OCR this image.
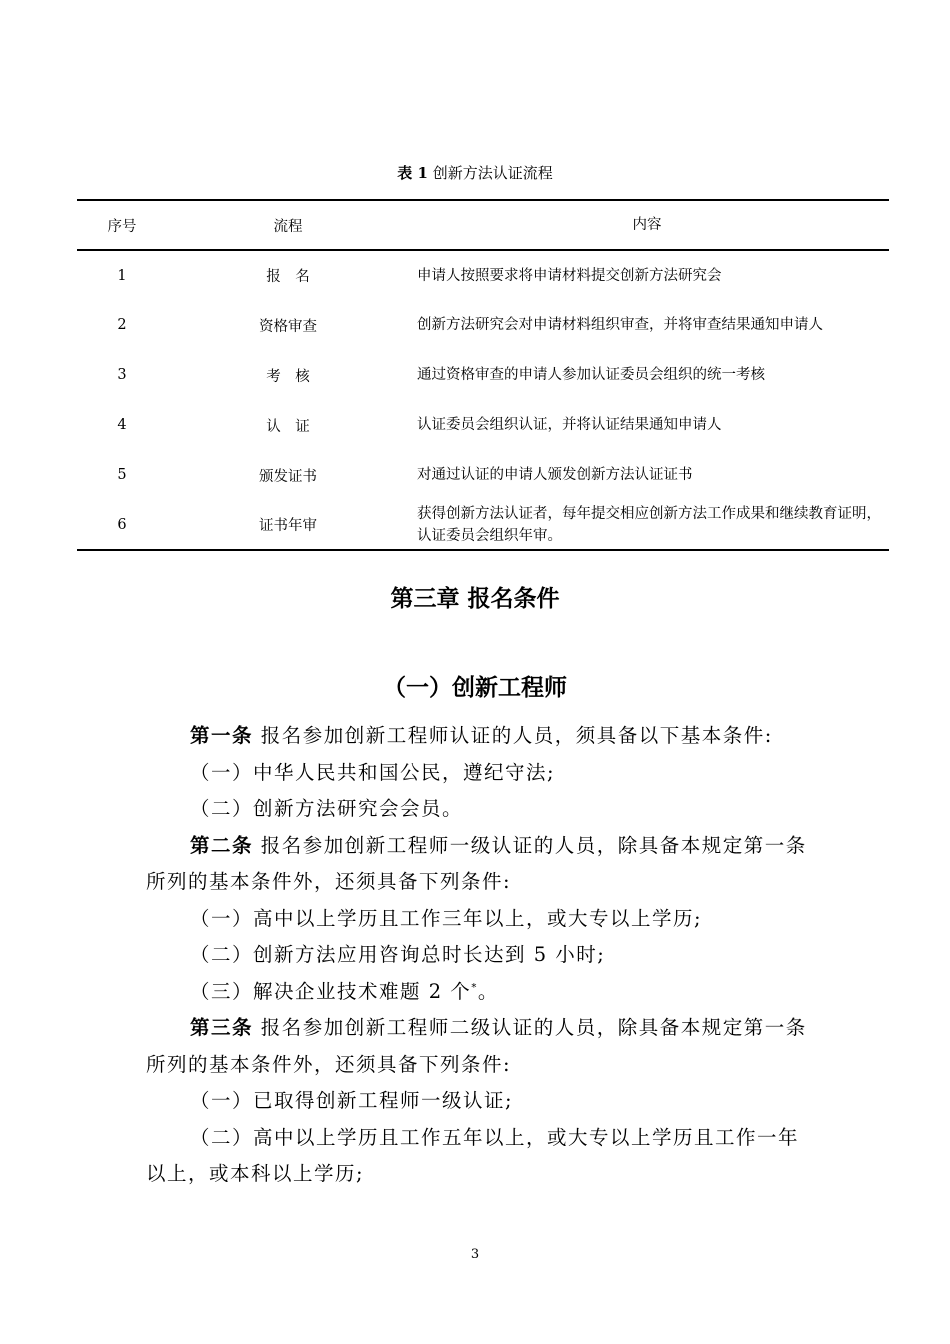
表 1 创新方法认证流程
序号	流程	内容
1	报　名	申请人按照要求将申请材料提交创新方法研究会
2	资格审查	创新方法研究会对申请材料组织审查，并将审查结果通知申请人
3	考　核	通过资格审查的申请人参加认证委员会组织的统一考核
4	认　证	认证委员会组织认证，并将认证结果通知申请人
5	颁发证书	对通过认证的申请人颁发创新方法认证证书
6	证书年审	获得创新方法认证者，每年提交相应创新方法工作成果和继续教育证明，认证委员会组织年审。
第三章 报名条件
（一）创新工程师

第一条 报名参加创新工程师认证的人员，须具备以下基本条件:

（一）中华人民共和国公民，遵纪守法;

（二）创新方法研究会会员。

第二条 报名参加创新工程师一级认证的人员，除具备本规定第一条所列的基本条件外，还须具备下列条件:

（一）高中以上学历且工作三年以上，或大专以上学历;

（二）创新方法应用咨询总时长达到 5 小时;

（三）解决企业技术难题 2 个*。

第三条 报名参加创新工程师二级认证的人员，除具备本规定第一条所列的基本条件外，还须具备下列条件:

（一）已取得创新工程师一级认证;

（二）高中以上学历且工作五年以上，或大专以上学历且工作一年以上，或本科以上学历;

3
